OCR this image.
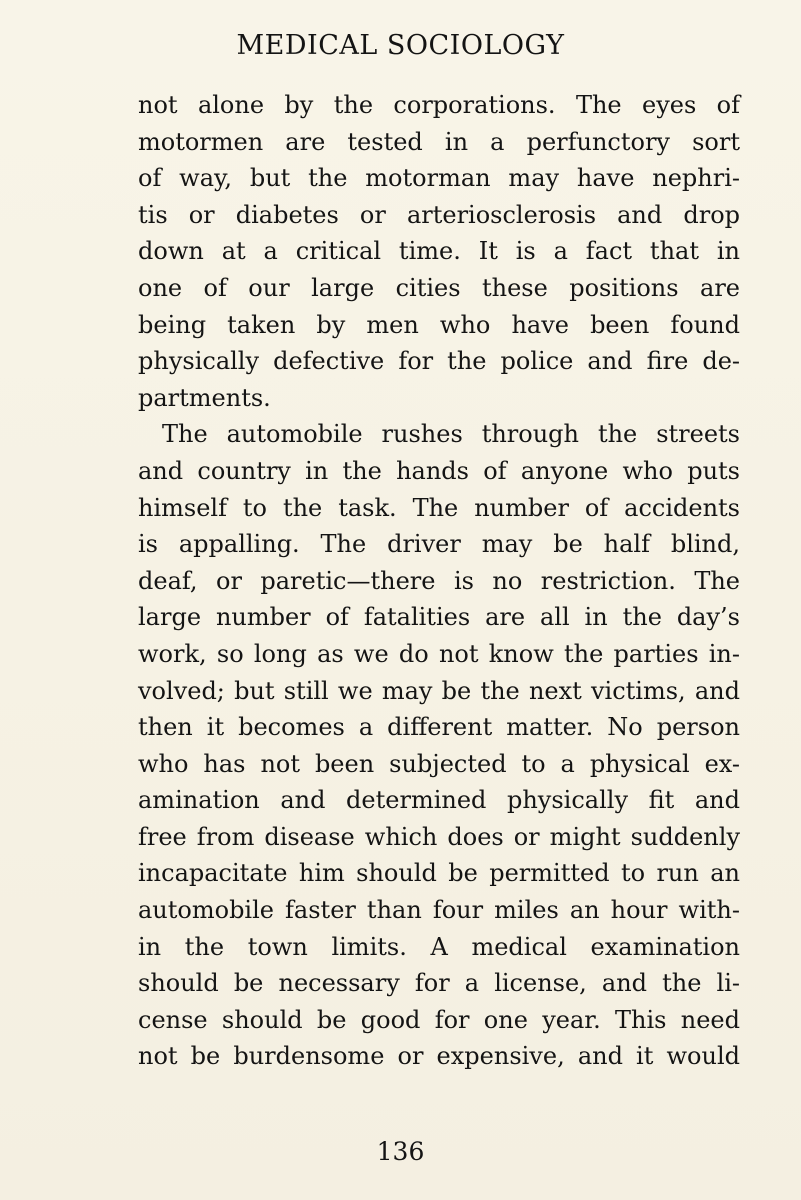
MEDICAL SOCIOLOGY
not alone by the corporations. The eyes of
motormen are tested in a perfunctory sort
of way, but the motorman may have nephri-
tis or diabetes or arteriosclerosis and drop
down at a critical time. It is a fact that in
one of our large cities these positions are
being taken by men who have been found
physically defective for the police and fire de-
partments.
The automobile rushes through the streets
and country in the hands of anyone who puts
himself to the task. The number of accidents
is appalling. The driver may be half blind,
deaf, or paretic—there is no restriction. The
large number of fatalities are all in the day’s
work, so long as we do not know the parties in-
volved; but still we may be the next victims, and
then it becomes a different matter. No person
who has not been subjected to a physical ex-
amination and determined physically fit and
free from disease which does or might suddenly
incapacitate him should be permitted to run an
automobile faster than four miles an hour with-
in the town limits. A medical examination
should be necessary for a license, and the li-
cense should be good for one year. This need
not be burdensome or expensive, and it would
136
